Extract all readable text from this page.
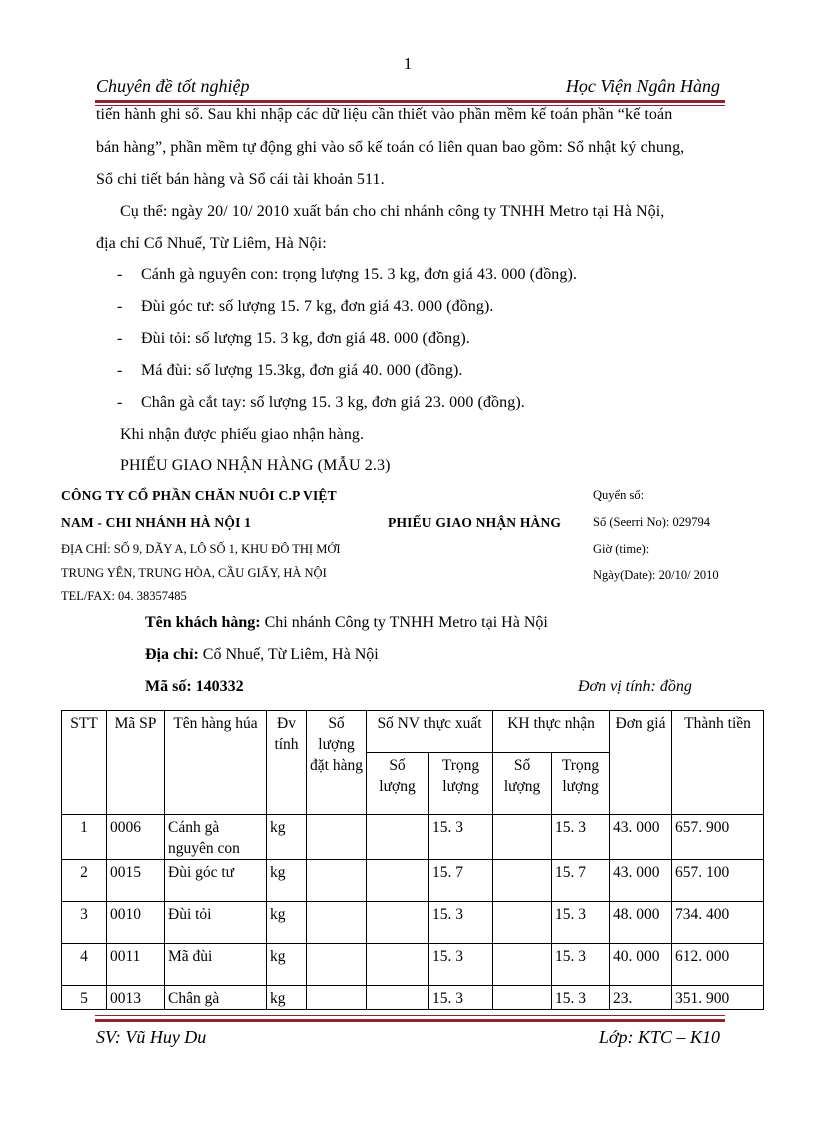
1
Chuyên đề tốt nghiệp	Học Viện Ngân Hàng
tiến hành ghi sổ. Sau khi nhập các dữ liệu cần thiết vào phần mềm kế toán phần “kế toán
bán hàng”, phần mềm tự động ghi vào sổ kế toán có liên quan bao gồm: Sổ nhật ký chung,
Sổ chi tiết bán hàng và Sổ cái tài khoản 511.
Cụ thể: ngày 20/ 10/ 2010 xuất bán cho chi nhánh công ty TNHH Metro tại Hà Nội,
địa chỉ Cổ Nhuế, Từ Liêm, Hà Nội:
- Cánh gà nguyên con: trọng lượng 15. 3 kg, đơn giá 43. 000 (đồng).
- Đùi góc tư: số lượng 15. 7 kg, đơn giá 43. 000 (đồng).
- Đùi tỏi: số lượng 15. 3 kg, đơn giá 48. 000 (đồng).
- Má đùi: số lượng 15.3kg, đơn giá 40. 000 (đồng).
- Chân gà cắt tay: số lượng 15. 3 kg, đơn giá 23. 000 (đồng).
Khi nhận được phiếu giao nhận hàng.
PHIẾU GIAO NHẬN HÀNG (MẪU 2.3)
CÔNG TY CỔ PHẦN CHĂN NUÔI C.P VIỆT
NAM - CHI NHÁNH HÀ NỘI 1
ĐỊA CHỈ: SỐ 9, DÃY A, LÔ SỐ 1, KHU ĐÔ THỊ MỚI
TRUNG YÊN, TRUNG HÒA, CẦU GIẤY, HÀ NỘI
TEL/FAX: 04. 38357485
PHIẾU GIAO NHẬN HÀNG
Quyển số:
Số (Seerri No): 029794
Giờ (time):
Ngày(Date): 20/10/ 2010
Tên khách hàng: Chi nhánh Công ty TNHH Metro tại Hà Nội
Địa chỉ: Cổ Nhuế, Từ Liêm, Hà Nội
Mã số: 140332	Đơn vị tính: đồng
STT	Mã SP	Tên hàng húa	Đv tính	Số lượng đặt hàng	Số NV thực xuất		KH thực nhận		Đơn giá	Thành tiền
					Số lượng	Trọng lượng	Số lượng	Trọng lượng		
1	0006	Cánh gà nguyên con	kg			15. 3		15. 3	43. 000	657. 900
2	0015	Đùi góc tư	kg			15. 7		15. 7	43. 000	657. 100
3	0010	Đùi tỏi	kg			15. 3		15. 3	48. 000	734. 400
4	0011	Mã đùi	kg			15. 3		15. 3	40. 000	612. 000
5	0013	Chân gà	kg			15. 3		15. 3	23.	351. 900
SV: Vũ Huy Du	Lớp: KTC – K10
